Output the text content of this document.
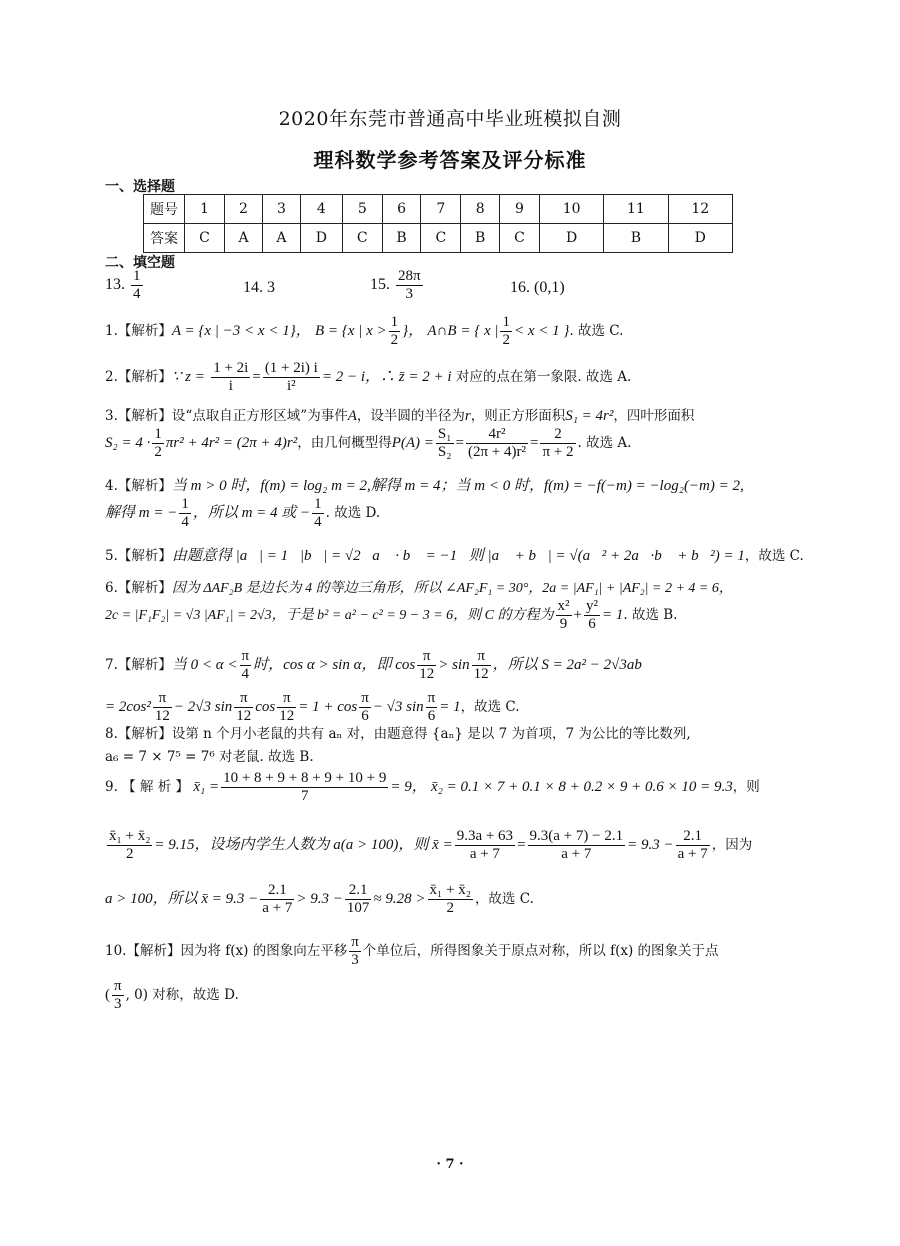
2020年东莞市普通高中毕业班模拟自测
理科数学参考答案及评分标准
一、选择题
题号	1	2	3	4	5	6	7	8	9	10	11	12
答案	C	A	A	D	C	B	C	B	C	D	B	D
二、填空题
13. $\frac{1}{4}$	14. 3	15. $\frac{28\pi}{3}$	16. (0,1)
1.【解析】A = {x | −3 < x < 1}， B = {x | $x > \frac{1}{2}$ }， A∩B = { x | $\frac{1}{2} < x < 1$ }. 故选 C.
2.【解析】∵ $z = \frac{1 + 2i}{i} = \frac{(1 + 2i) i}{\text{i²}} = 2 - i$，∴ z̄ = 2 + i 对应的点在第一象限. 故选 A.
3.【解析】设“点取自正方形区域”为事件A，设半圆的半径为r，则正方形面积S₁ = 4r²，四叶形面积
$S_2 = 4 \cdot \frac{1}{2} \pi r^2 + 4r^2 = (2\pi + 4)r^2$，由几何概型得$P(A) = \frac{\text{S₁}}{\text{S₂}} = \frac{\text{4r²}}{\text{(2π + 4)r²}} = \frac{2}{\pi + 2}$ . 故选 A.
4.【解析】当 m > 0 时，f(m) = log₂ m = 2,解得 m = 4；当 m < 0 时，f(m) = −f(−m) = −log₂(−m) = 2,
解得 m = − $\frac{1}{4}$ ，所以 m = 4 或 − $\frac{1}{4}$ . 故选 D.
5.【解析】由题意得 |a⃗| = 1，|b⃗| = √2，a⃗ · b⃗ = −1，则 |a⃗ + b⃗| = √(a⃗² + 2a⃗·b⃗ + b⃗²) = 1，故选 C.
6.【解析】因为 ΔAF₂B 是边长为 4 的等边三角形，所以 ∠AF₂F₁ = 30°，2a = |AF₁| + |AF₂| = 2 + 4 = 6，
2c = |F₁F₂| = √3 |AF₁| = 2√3，于是 b² = a² − c² = 9 − 3 = 6，则 C 的方程为 $\frac{\text{x²}}{9} + \frac{\text{y²}}{6} = 1$. 故选 B.
7.【解析】当 $0 < \alpha < \frac{\pi}{4}$ 时，cos α > sin α，即 $\cos \frac{\pi}{12} > \sin \frac{\pi}{12}$ ，所以 S = 2a² − 2√3ab
= $2\cos^2 \frac{\pi}{12} - 2√3$ $\sin \frac{\pi}{12}$ $\cos \frac{\pi}{12} = 1 + \cos \frac{\pi}{6} - √3$ $\sin \frac{\pi}{6} = 1$，故选 C.
8.【解析】设第 n 个月小老鼠的共有 aₙ 对，由题意得 {aₙ} 是以 7 为首项，7 为公比的等比数列,
a₆ = 7 × 7⁵ = 7⁶ 对老鼠. 故选 B.
9. 【 解 析 】 x̄₁ = $\frac{10 + 8 + 9 + 8 + 9 + 10 + 9}{7} = 9$， x̄₂ = 0.1 × 7 + 0.1 × 8 + 0.2 × 9 + 0.6 × 10 = 9.3，则
$\frac{\text{x̄₁ + x̄₂}}{2} = 9.15$，设场内学生人数为 a(a > 100)，则 x̄ = $\frac{9.3a + 63}{a + 7} = \frac{9.3(a + 7) - 2.1}{a + 7} = 9.3 - \frac{2.1}{a + 7}$ ，因为
a > 100，所以 x̄ = $9.3 - \frac{2.1}{a + 7} > 9.3 - \frac{2.1}{107} \approx 9.28 > \frac{\text{x̄₁ + x̄₂}}{2}$ ，故选 C.
10.【解析】因为将 f(x) 的图象向左平移 $\frac{\pi}{3}$ 个单位后，所得图象关于原点对称，所以 f(x) 的图象关于点
( $\frac{\pi}{3}$ , 0) 对称，故选 D.
· 7 ·
